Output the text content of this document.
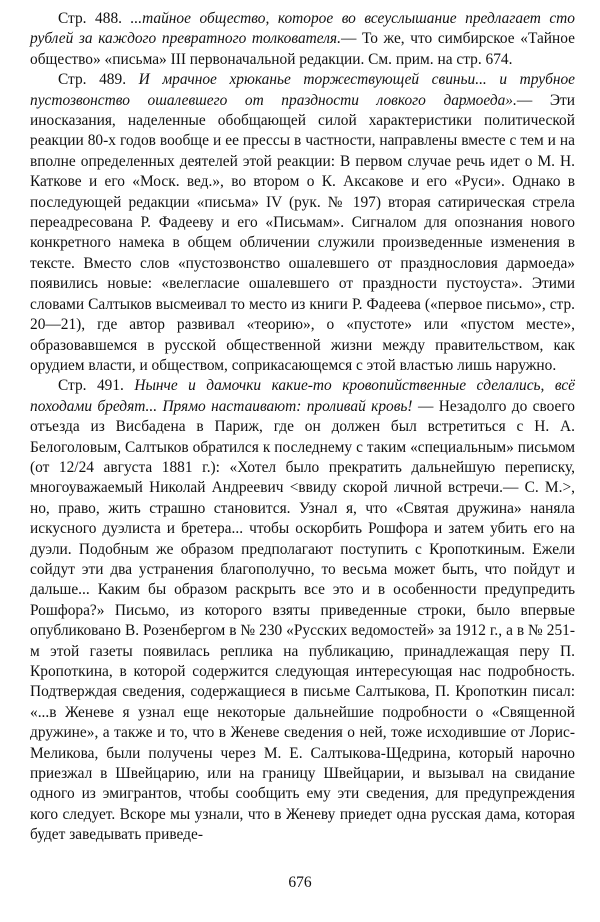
Стр. 488. ...тайное общество, которое во всеуслышание предлагает сто рублей за каждого превратного толкователя.— То же, что симбирское «Тайное общество» «письма» III первоначальной редакции. См. прим. на стр. 674.

Стр. 489. И мрачное хрюканье торжествующей свиньи... и трубное пустозвонство ошалевшего от праздности ловкого дармоеда».— Эти иносказания, наделенные обобщающей силой характеристики политической реакции 80-х годов вообще и ее прессы в частности, направлены вместе с тем и на вполне определенных деятелей этой реакции: В первом случае речь идет о М. Н. Каткове и его «Моск. вед.», во втором о К. Аксакове и его «Руси». Однако в последующей редакции «письма» IV (рук. № 197) вторая сатирическая стрела переадресована Р. Фадееву и его «Письмам». Сигналом для опознания нового конкретного намека в общем обличении служили произведенные изменения в тексте. Вместо слов «пустозвонство ошалевшего от празднословия дармоеда» появились новые: «велегласие ошалевшего от праздности пустоуста». Этими словами Салтыков высмеивал то место из книги Р. Фадеева («первое письмо», стр. 20—21), где автор развивал «теорию», о «пустоте» или «пустом месте», образовавшемся в русской общественной жизни между правительством, как орудием власти, и обществом, соприкасающемся с этой властью лишь наружно.

Стр. 491. Нынче и дамочки какие-то кровопийственные сделались, всё походами бредят... Прямо настаивают: проливай кровь! — Незадолго до своего отъезда из Висбадена в Париж, где он должен был встретиться с Н. А. Белоголовым, Салтыков обратился к последнему с таким «специальным» письмом (от 12/24 августа 1881 г.): «Хотел было прекратить дальнейшую переписку, многоуважаемый Николай Андреевич <ввиду скорой личной встречи.— С. М.>, но, право, жить страшно становится. Узнал я, что «Святая дружина» наняла искусного дуэлиста и бретера... чтобы оскорбить Рошфора и затем убить его на дуэли. Подобным же образом предполагают поступить с Кропоткиным. Ежели сойдут эти два устранения благополучно, то весьма может быть, что пойдут и дальше... Каким бы образом раскрыть все это и в особенности предупредить Рошфора?» Письмо, из которого взяты приведенные строки, было впервые опубликовано В. Розенбергом в № 230 «Русских ведомостей» за 1912 г., а в № 251-м этой газеты появилась реплика на публикацию, принадлежащая перу П. Кропоткина, в которой содержится следующая интересующая нас подробность. Подтверждая сведения, содержащиеся в письме Салтыкова, П. Кропоткин писал: «...в Женеве я узнал еще некоторые дальнейшие подробности о «Священной дружине», а также и то, что в Женеве сведения о ней, тоже исходившие от Лорис-Меликова, были получены через М. Е. Салтыкова-Щедрина, который нарочно приезжал в Швейцарию, или на границу Швейцарии, и вызывал на свидание одного из эмигрантов, чтобы сообщить ему эти сведения, для предупреждения кого следует. Вскоре мы узнали, что в Женеву приедет одна русская дама, которая будет заведывать приведе-

676
